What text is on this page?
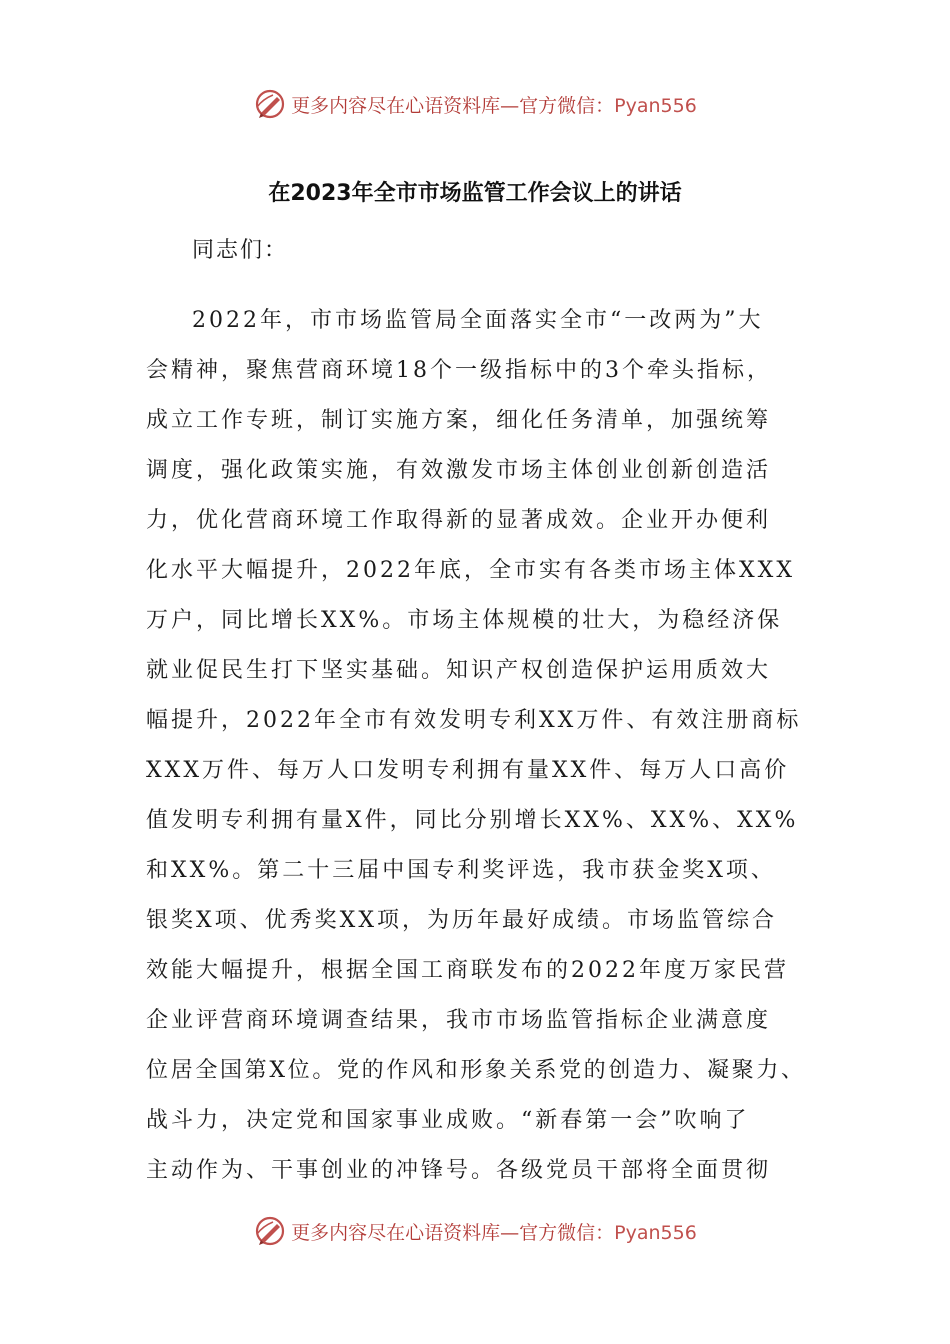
更多内容尽在心语资料库—官方微信：Pyan556
在2023年全市市场监管工作会议上的讲话
同志们：
2022年，市市场监管局全面落实全市“一改两为”大
会精神，聚焦营商环境18个一级指标中的3个牵头指标，
成立工作专班，制订实施方案，细化任务清单，加强统筹
调度，强化政策实施，有效激发市场主体创业创新创造活
力，优化营商环境工作取得新的显著成效。企业开办便利
化水平大幅提升，2022年底，全市实有各类市场主体XXX
万户，同比增长XX%。市场主体规模的壮大，为稳经济保
就业促民生打下坚实基础。知识产权创造保护运用质效大
幅提升，2022年全市有效发明专利XX万件、有效注册商标
XXX万件、每万人口发明专利拥有量XX件、每万人口高价
值发明专利拥有量X件，同比分别增长XX%、XX%、XX%
和XX%。第二十三届中国专利奖评选，我市获金奖X项、
银奖X项、优秀奖XX项，为历年最好成绩。市场监管综合
效能大幅提升，根据全国工商联发布的2022年度万家民营
企业评营商环境调查结果，我市市场监管指标企业满意度
位居全国第X位。党的作风和形象关系党的创造力、凝聚力、
战斗力，决定党和国家事业成败。“新春第一会”吹响了
主动作为、干事创业的冲锋号。各级党员干部将全面贯彻
更多内容尽在心语资料库—官方微信：Pyan556
